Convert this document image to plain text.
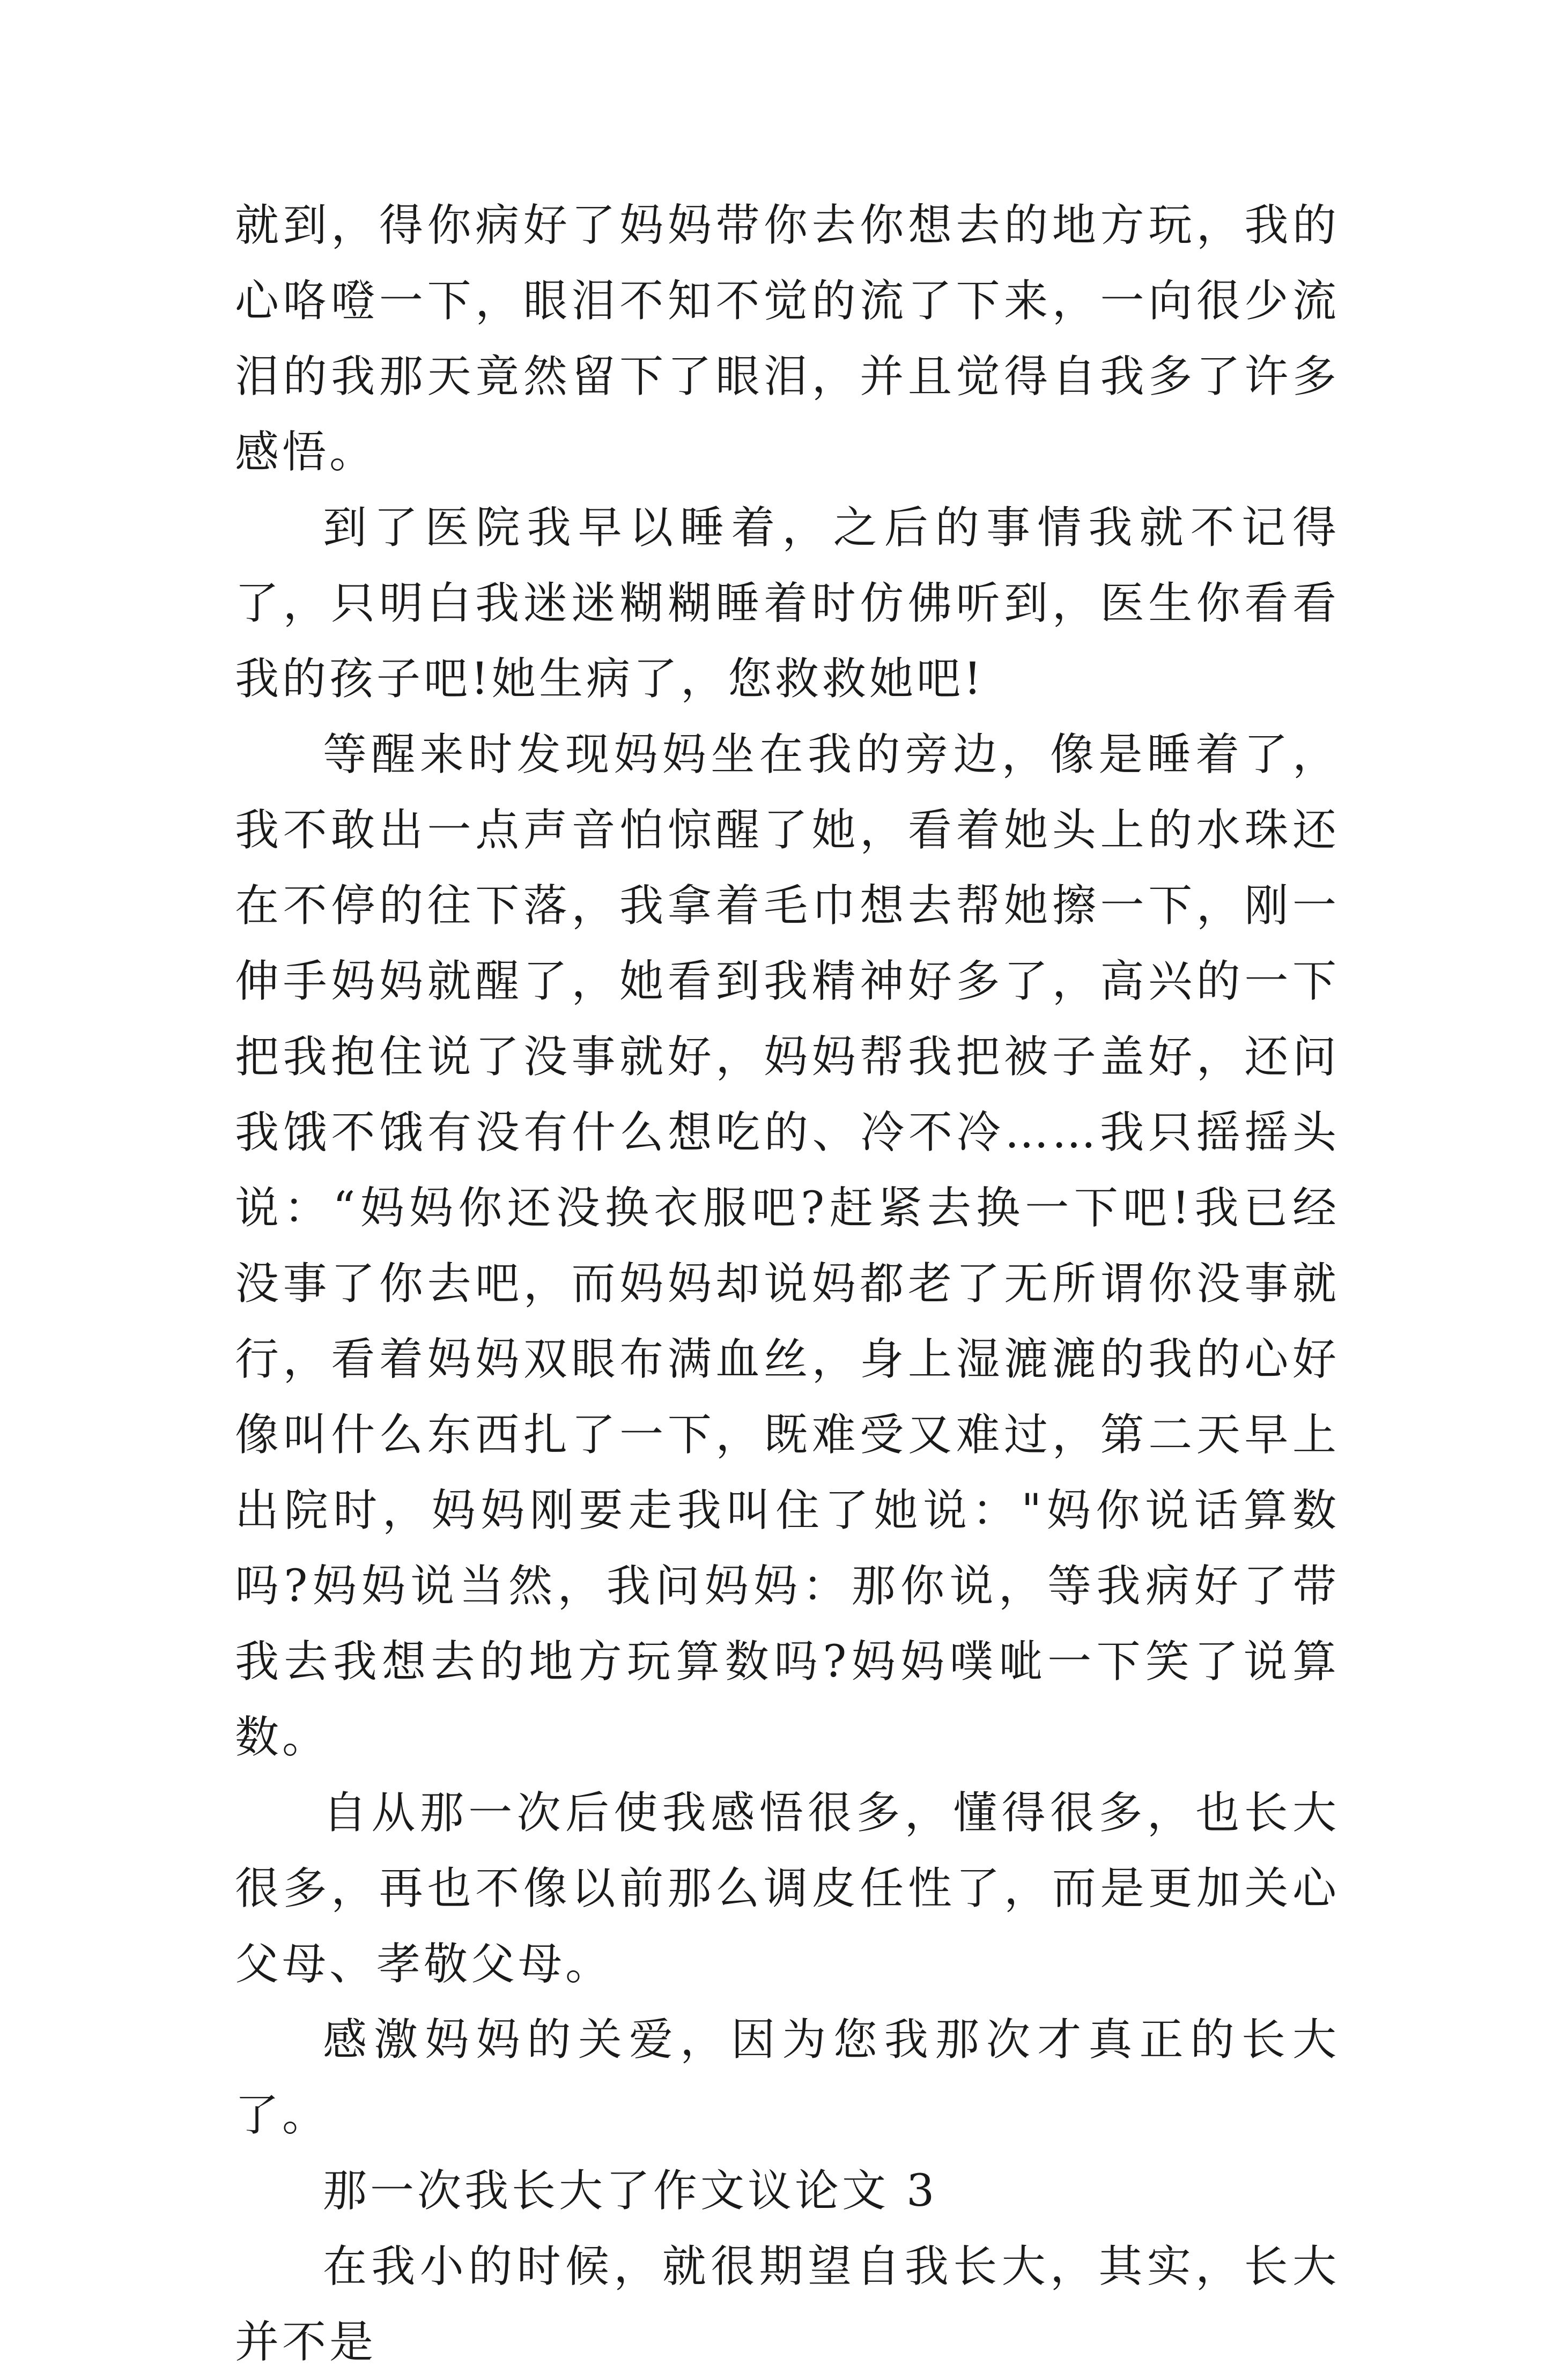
就到，得你病好了妈妈带你去你想去的地方玩，我的心咯噔一下，眼泪不知不觉的流了下来，一向很少流泪的我那天竟然留下了眼泪，并且觉得自我多了许多感悟。

到了医院我早以睡着，之后的事情我就不记得了，只明白我迷迷糊糊睡着时仿佛听到，医生你看看我的孩子吧!她生病了，您救救她吧!

等醒来时发现妈妈坐在我的旁边，像是睡着了，我不敢出一点声音怕惊醒了她，看着她头上的水珠还在不停的往下落，我拿着毛巾想去帮她擦一下，刚一伸手妈妈就醒了，她看到我精神好多了，高兴的一下把我抱住说了没事就好，妈妈帮我把被子盖好，还问我饿不饿有没有什么想吃的、冷不冷……我只摇摇头说：“妈妈你还没换衣服吧?赶紧去换一下吧!我已经没事了你去吧，而妈妈却说妈都老了无所谓你没事就行，看着妈妈双眼布满血丝，身上湿漉漉的我的心好像叫什么东西扎了一下，既难受又难过，第二天早上出院时，妈妈刚要走我叫住了她说："妈你说话算数吗?妈妈说当然，我问妈妈：那你说，等我病好了带我去我想去的地方玩算数吗?妈妈噗呲一下笑了说算数。

自从那一次后使我感悟很多，懂得很多，也长大很多，再也不像以前那么调皮任性了，而是更加关心父母、孝敬父母。

感激妈妈的关爱，因为您我那次才真正的长大了。

那一次我长大了作文议论文 3

在我小的时候，就很期望自我长大，其实，长大并不是
